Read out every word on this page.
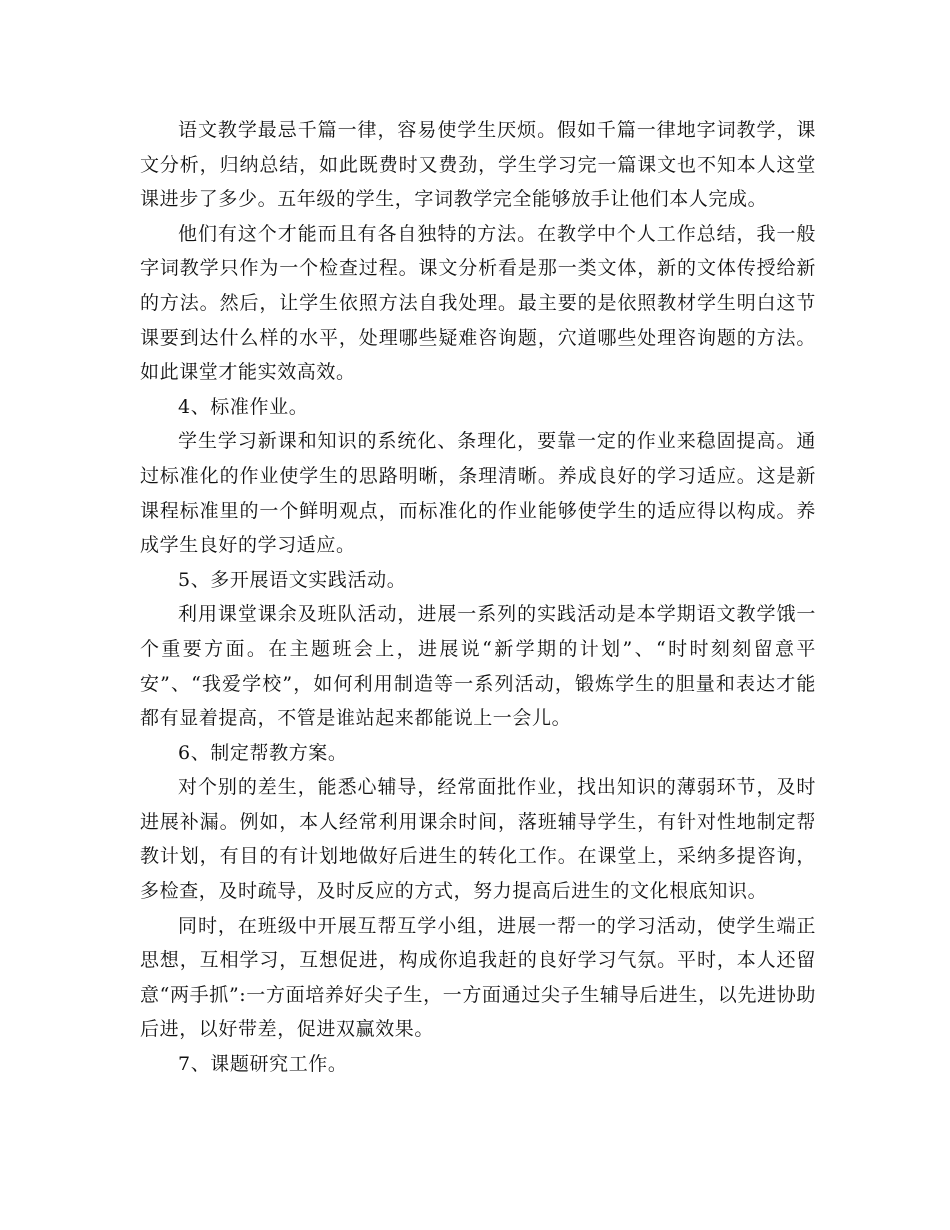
语文教学最忌千篇一律，容易使学生厌烦。假如千篇一律地字词教学，课文分析，归纳总结，如此既费时又费劲，学生学习完一篇课文也不知本人这堂课进步了多少。五年级的学生，字词教学完全能够放手让他们本人完成。

他们有这个才能而且有各自独特的方法。在教学中个人工作总结，我一般字词教学只作为一个检查过程。课文分析看是那一类文体，新的文体传授给新的方法。然后，让学生依照方法自我处理。最主要的是依照教材学生明白这节课要到达什么样的水平，处理哪些疑难咨询题，穴道哪些处理咨询题的方法。如此课堂才能实效高效。

4、标准作业。

学生学习新课和知识的系统化、条理化，要靠一定的作业来稳固提高。通过标准化的作业使学生的思路明晰，条理清晰。养成良好的学习适应。这是新课程标准里的一个鲜明观点，而标准化的作业能够使学生的适应得以构成。养成学生良好的学习适应。

5、多开展语文实践活动。

利用课堂课余及班队活动，进展一系列的实践活动是本学期语文教学饿一个重要方面。在主题班会上，进展说“新学期的计划”、“时时刻刻留意平安”、“我爱学校”，如何利用制造等一系列活动，锻炼学生的胆量和表达才能都有显着提高，不管是谁站起来都能说上一会儿。

6、制定帮教方案。

对个别的差生，能悉心辅导，经常面批作业，找出知识的薄弱环节，及时进展补漏。例如，本人经常利用课余时间，落班辅导学生，有针对性地制定帮教计划，有目的有计划地做好后进生的转化工作。在课堂上，采纳多提咨询，多检查，及时疏导，及时反应的方式，努力提高后进生的文化根底知识。

同时，在班级中开展互帮互学小组，进展一帮一的学习活动，使学生端正思想，互相学习，互想促进，构成你追我赶的良好学习气氛。平时，本人还留意“两手抓”:一方面培养好尖子生，一方面通过尖子生辅导后进生，以先进协助后进，以好带差，促进双赢效果。

7、课题研究工作。
